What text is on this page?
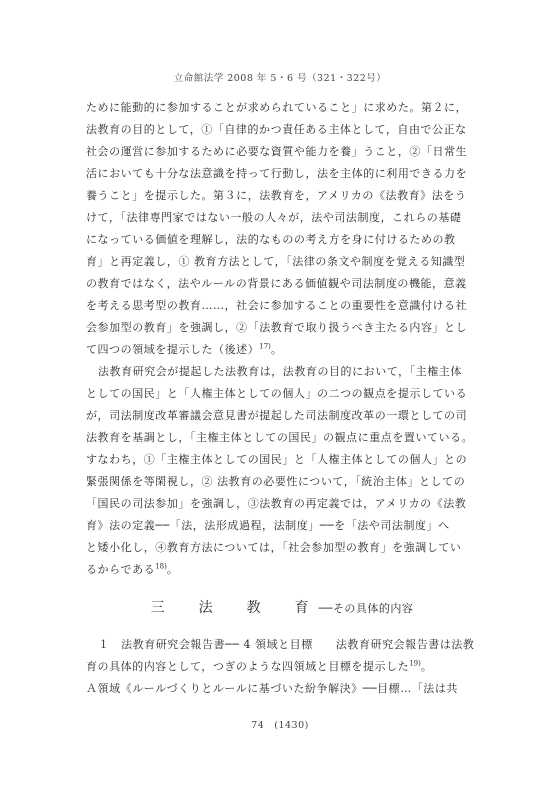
立命館法学 2008 年 5・6 号（321・322号）
ために能動的に参加することが求められていること」に求めた。第２に，
法教育の目的として，①「自律的かつ責任ある主体として，自由で公正な
社会の運営に参加するために必要な資質や能力を養」うこと，②「日常生
活においても十分な法意識を持って行動し，法を主体的に利用できる力を
養うこと」を提示した。第３に，法教育を，アメリカの《法教育》法をう
けて，「法律専門家ではない一般の人々が，法や司法制度，これらの基礎
になっている価値を理解し，法的なものの考え方を身に付けるための教
育」と再定義し，① 教育方法として，「法律の条文や制度を覚える知識型
の教育ではなく，法やルールの背景にある価値観や司法制度の機能，意義
を考える思考型の教育……，社会に参加することの重要性を意識付ける社
会参加型の教育」を強調し，②「法教育で取り扱うべき主たる内容」とし
て四つの領域を提示した（後述）$^{17)}$。
法教育研究会が提起した法教育は，法教育の目的において，「主権主体
としての国民」と「人権主体としての個人」の二つの観点を提示している
が，司法制度改革審議会意見書が提起した司法制度改革の一環としての司
法教育を基調とし，「主権主体としての国民」の観点に重点を置いている。
すなわち，①「主権主体としての国民」と「人権主体としての個人」との
緊張関係を等閑視し，② 法教育の必要性について，「統治主体」としての
「国民の司法参加」を強調し，③法教育の再定義では，アメリカの《法教
育》法の定義──「法，法形成過程，法制度」──を「法や司法制度」へ
と矮小化し，④教育方法については，「社会参加型の教育」を強調してい
るからである$^{18)}$。
三　法　教　育──その具体的内容
１　法教育研究会報告書── 4 領域と目標　　法教育研究会報告書は法教
育の具体的内容として，つぎのような四領域と目標を提示した$^{19)}$。
Ａ領域《ルールづくりとルールに基づいた紛争解決》──目標…「法は共
74　(1430)
